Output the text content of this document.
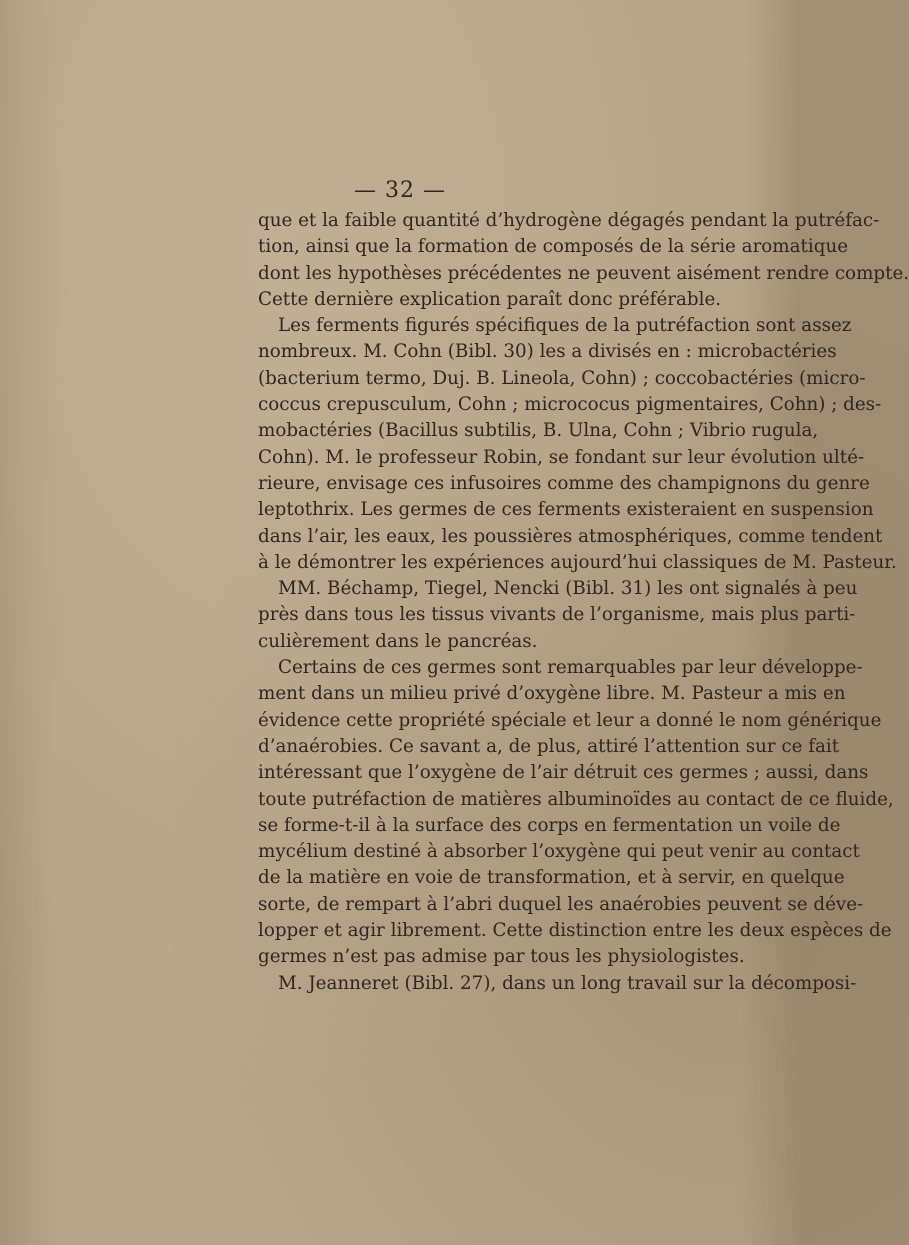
— 32 —
que et la faible quantité d’hydrogène dégagés pendant la putréfac-
tion, ainsi que la formation de composés de la série aromatique
dont les hypothèses précédentes ne peuvent aisément rendre compte.
Cette dernière explication paraît donc préférable.
Les ferments figurés spécifiques de la putréfaction sont assez
nombreux. M. Cohn (Bibl. 30) les a divisés en : microbactéries
(bacterium termo, Duj. B. Lineola, Cohn) ; coccobactéries (micro-
coccus crepusculum, Cohn ; micrococus pigmentaires, Cohn) ; des-
mobactéries (Bacillus subtilis, B. Ulna, Cohn ; Vibrio rugula,
Cohn). M. le professeur Robin, se fondant sur leur évolution ulté-
rieure, envisage ces infusoires comme des champignons du genre
leptothrix. Les germes de ces ferments existeraient en suspension
dans l’air, les eaux, les poussières atmosphériques, comme tendent
à le démontrer les expériences aujourd’hui classiques de M. Pasteur.
MM. Béchamp, Tiegel, Nencki (Bibl. 31) les ont signalés à peu
près dans tous les tissus vivants de l’organisme, mais plus parti-
culièrement dans le pancréas.
Certains de ces germes sont remarquables par leur développe-
ment dans un milieu privé d’oxygène libre. M. Pasteur a mis en
évidence cette propriété spéciale et leur a donné le nom générique
d’anaérobies. Ce savant a, de plus, attiré l’attention sur ce fait
intéressant que l’oxygène de l’air détruit ces germes ; aussi, dans
toute putréfaction de matières albuminoïdes au contact de ce fluide,
se forme-t-il à la surface des corps en fermentation un voile de
mycélium destiné à absorber l’oxygène qui peut venir au contact
de la matière en voie de transformation, et à servir, en quelque
sorte, de rempart à l’abri duquel les anaérobies peuvent se déve-
lopper et agir librement. Cette distinction entre les deux espèces de
germes n’est pas admise par tous les physiologistes.
M. Jeanneret (Bibl. 27), dans un long travail sur la décomposi-
